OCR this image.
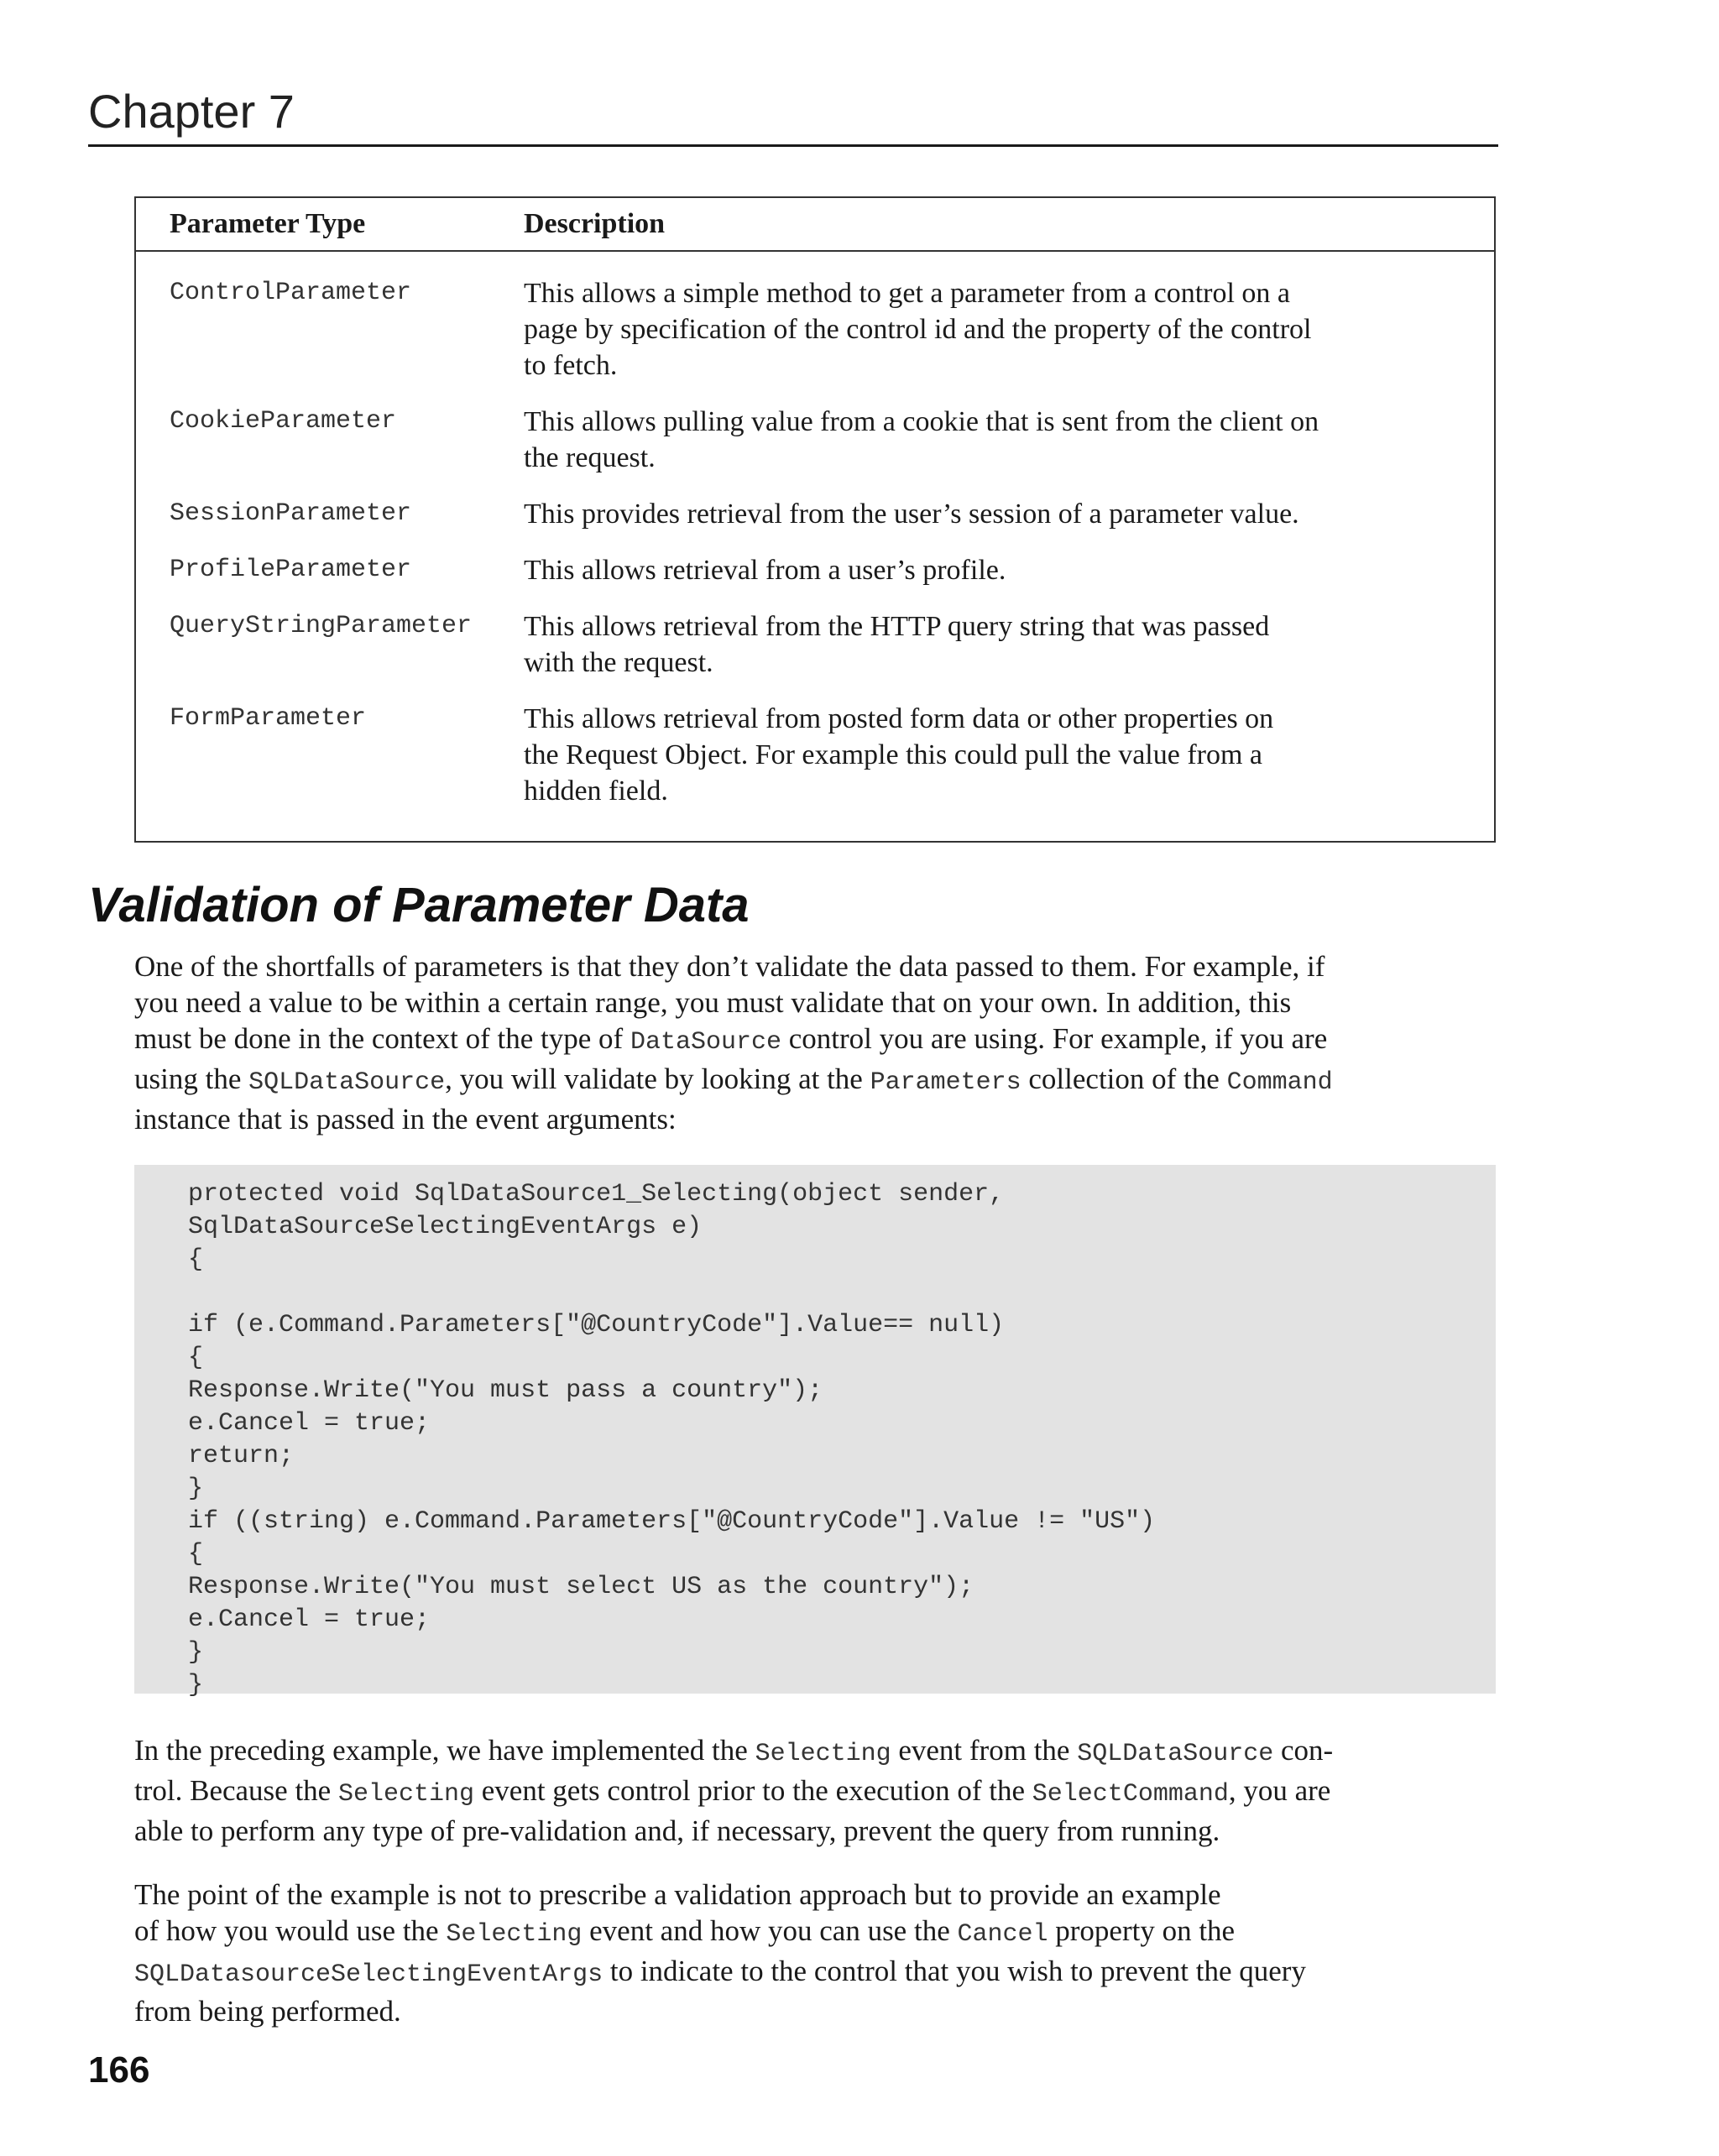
Chapter 7
Parameter Type	Description
ControlParameter	This allows a simple method to get a parameter from a control on a
page by specification of the control id and the property of the control
to fetch.
CookieParameter	This allows pulling value from a cookie that is sent from the client on
the request.
SessionParameter	This provides retrieval from the user’s session of a parameter value.
ProfileParameter	This allows retrieval from a user’s profile.
QueryStringParameter	This allows retrieval from the HTTP query string that was passed
with the request.
FormParameter	This allows retrieval from posted form data or other properties on
the Request Object. For example this could pull the value from a
hidden field.
Validation of Parameter Data
One of the shortfalls of parameters is that they don’t validate the data passed to them. For example, if
you need a value to be within a certain range, you must validate that on your own. In addition, this
must be done in the context of the type of DataSource control you are using. For example, if you are
using the SQLDataSource, you will validate by looking at the Parameters collection of the Command
instance that is passed in the event arguments:
protected void SqlDataSource1_Selecting(object sender,
SqlDataSourceSelectingEventArgs e)
{
if (e.Command.Parameters["@CountryCode"].Value== null)
{
Response.Write("You must pass a country");
e.Cancel = true;
return;
}
if ((string) e.Command.Parameters["@CountryCode"].Value != "US")
{
Response.Write("You must select US as the country");
e.Cancel = true;
}
}
In the preceding example, we have implemented the Selecting event from the SQLDataSource con-
trol. Because the Selecting event gets control prior to the execution of the SelectCommand, you are
able to perform any type of pre-validation and, if necessary, prevent the query from running.
The point of the example is not to prescribe a validation approach but to provide an example
of how you would use the Selecting event and how you can use the Cancel property on the
SQLDatasourceSelectingEventArgs to indicate to the control that you wish to prevent the query
from being performed.
166
